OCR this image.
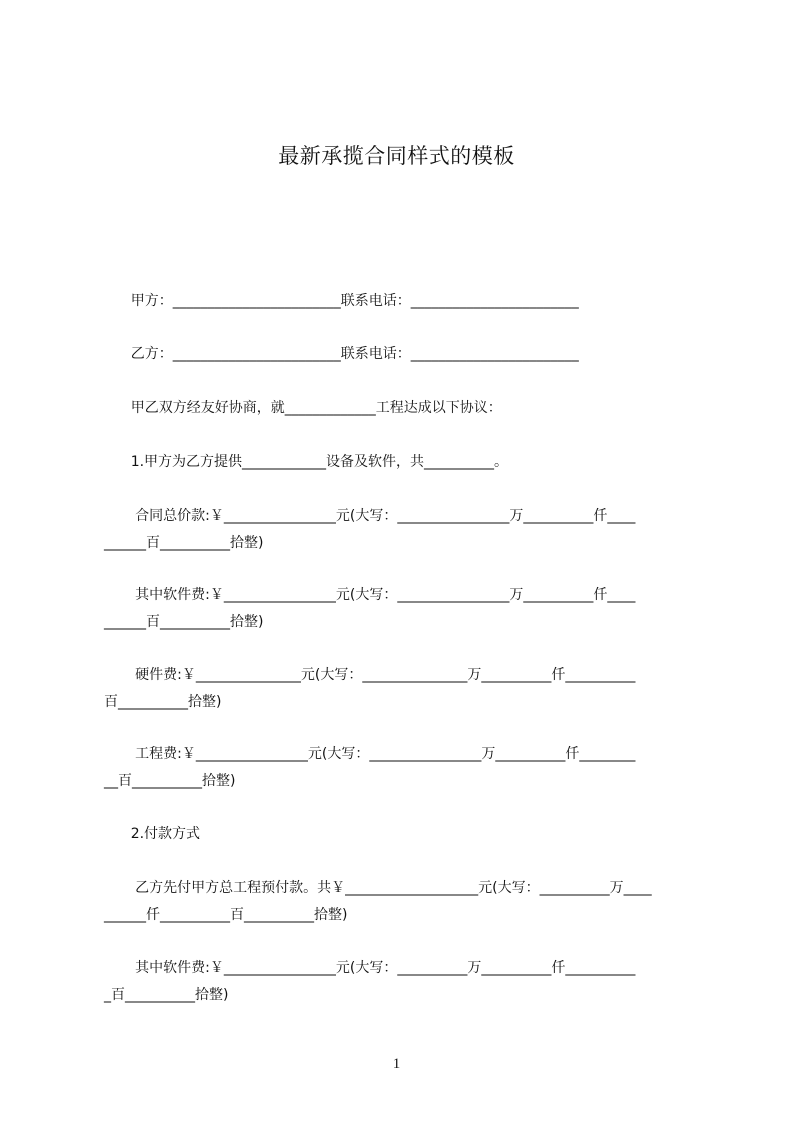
最新承揽合同样式的模板
甲方：________________________联系电话：________________________
乙方：________________________联系电话：________________________
甲乙双方经友好协商，就_____________工程达成以下协议：
1.甲方为乙方提供____________设备及软件，共__________。
合同总价款:￥________________元(大写：________________万__________仟____
______百__________拾整)
其中软件费:￥________________元(大写：________________万__________仟____
______百__________拾整)
硬件费:￥_______________元(大写：_______________万__________仟__________
百__________拾整)
工程费:￥________________元(大写：________________万__________仟________
__百__________拾整)
2.付款方式
乙方先付甲方总工程预付款。共￥___________________元(大写：__________万____
______仟__________百__________拾整)
其中软件费:￥________________元(大写：__________万__________仟__________
_百__________拾整)
1
